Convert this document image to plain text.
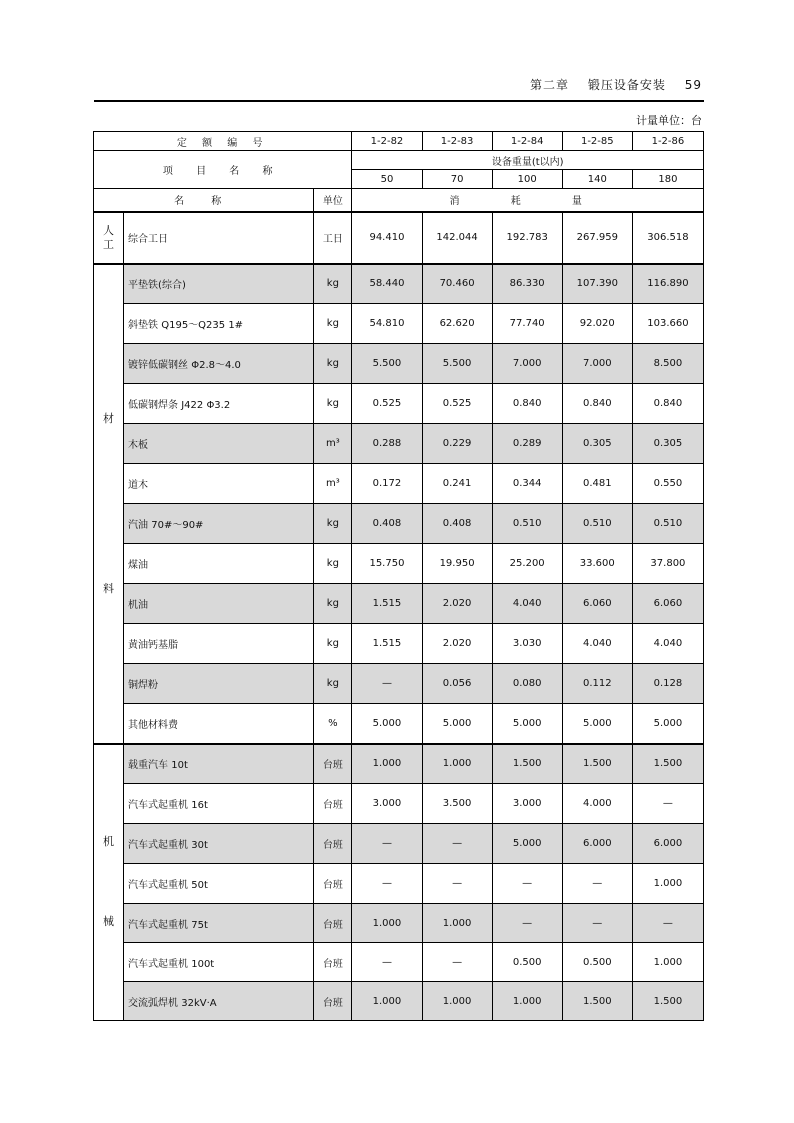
第二章 锻压设备安装 59
计量单位：台
定 额 编 号			1-2-82	1-2-83	1-2-84	1-2-85	1-2-86
项 目 名 称			设备重量(t以内)				
			50	70	100	140	180
名 称		单位	消 耗 量				
人工	综合工日	工日	94.410	142.044	192.783	267.959	306.518
材料	平垫铁(综合)	kg	58.440	70.460	86.330	107.390	116.890
	斜垫铁 Q195～Q235 1#	kg	54.810	62.620	77.740	92.020	103.660
	镀锌低碳钢丝 Φ2.8～4.0	kg	5.500	5.500	7.000	7.000	8.500
	低碳钢焊条 J422 Φ3.2	kg	0.525	0.525	0.840	0.840	0.840
	木板	m³	0.288	0.229	0.289	0.305	0.305
	道木	m³	0.172	0.241	0.344	0.481	0.550
	汽油 70#～90#	kg	0.408	0.408	0.510	0.510	0.510
	煤油	kg	15.750	19.950	25.200	33.600	37.800
	机油	kg	1.515	2.020	4.040	6.060	6.060
	黄油钙基脂	kg	1.515	2.020	3.030	4.040	4.040
	铜焊粉	kg	—	0.056	0.080	0.112	0.128
	其他材料费	%	5.000	5.000	5.000	5.000	5.000
机械	载重汽车 10t	台班	1.000	1.000	1.500	1.500	1.500
	汽车式起重机 16t	台班	3.000	3.500	3.000	4.000	—
	汽车式起重机 30t	台班	—	—	5.000	6.000	6.000
	汽车式起重机 50t	台班	—	—	—	—	1.000
	汽车式起重机 75t	台班	1.000	1.000	—	—	—
	汽车式起重机 100t	台班	—	—	0.500	0.500	1.000
	交流弧焊机 32kV·A	台班	1.000	1.000	1.000	1.500	1.500
